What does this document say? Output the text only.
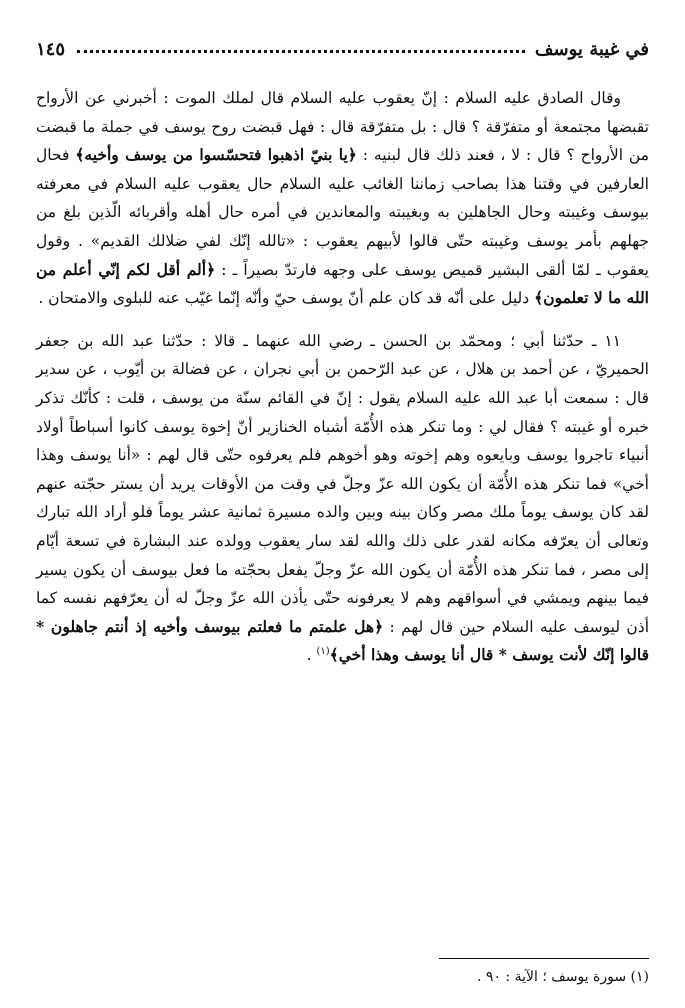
في غيبة يوسف
١٤٥

وقال الصادق عليه السلام : إنّ يعقوب عليه السلام قال لملك الموت : أخبرني عن الأرواح تقبضها مجتمعة أو متفرّقة ؟ قال : بل متفرّقة قال : فهل قبضت روح يوسف في جملة ما قبضت من الأرواح ؟ قال : لا ، فعند ذلك قال لبنيه : ﴿يا بنيّ اذهبوا فتحسّسوا من يوسف وأخيه﴾ فحال العارفين في وقتنا هذا بصاحب زماننا الغائب عليه السلام حال يعقوب عليه السلام في معرفته بيوسف وغيبته وحال الجاهلين به وبغيبته والمعاندين في أمره حال أهله وأقربائه الّذين بلغ من جهلهم بأمر يوسف وغيبته حتّى قالوا لأبيهم يعقوب : «تالله إنّك لفي ضلالك القديم» . وقول يعقوب ـ لمّا ألقى البشير قميص يوسف على وجهه فارتدّ بصيراً ـ : ﴿ألم أقل لكم إنّي أعلم من الله ما لا تعلمون﴾ دليل على أنّه قد كان علم أنّ يوسف حيّ وأنّه إنّما غيّب عنه للبلوى والامتحان .

١١ ـ حدّثنا أبي ؛ ومحمّد بن الحسن ـ رضي الله عنهما ـ قالا : حدّثنا عبد الله بن جعفر الحميريّ ، عن أحمد بن هلال ، عن عبد الرّحمن بن أبي نجران ، عن فضالة بن أيّوب ، عن سدير قال : سمعت أبا عبد الله عليه السلام يقول : إنّ في القائم سنّة من يوسف ، قلت : كأنّك تذكر خبره أو غيبته ؟ فقال لي : وما تنكر هذه الأُمّة أشباه الخنازير أنّ إخوة يوسف كانوا أسباطاً أولاد أنبياء تاجروا يوسف وبايعوه وهم إخوته وهو أخوهم فلم يعرفوه حتّى قال لهم : «أنا يوسف وهذا أخي» فما تنكر هذه الأُمّة أن يكون الله عزّ وجلّ في وقت من الأوقات يريد أن يستر حجّته عنهم لقد كان يوسف يوماً ملك مصر وكان بينه وبين والده مسيرة ثمانية عشر يوماً فلو أراد الله تبارك وتعالى أن يعرّفه مكانه لقدر على ذلك والله لقد سار يعقوب وولده عند البشارة في تسعة أيّام إلى مصر ، فما تنكر هذه الأُمّة أن يكون الله عزّ وجلّ يفعل بحجّته ما فعل بيوسف أن يكون يسير فيما بينهم ويمشي في أسواقهم وهم لا يعرفونه حتّى يأذن الله عزّ وجلّ له أن يعرّفهم نفسه كما أذن ليوسف عليه السلام حين قال لهم : ﴿هل علمتم ما فعلتم بيوسف وأخيه إذ أنتم جاهلون * قالوا إنّك لأنت يوسف * قال أنا يوسف وهذا أخي﴾$^{(١)}$ .

(١) سورة يوسف ؛ الآية : ٩٠ .
